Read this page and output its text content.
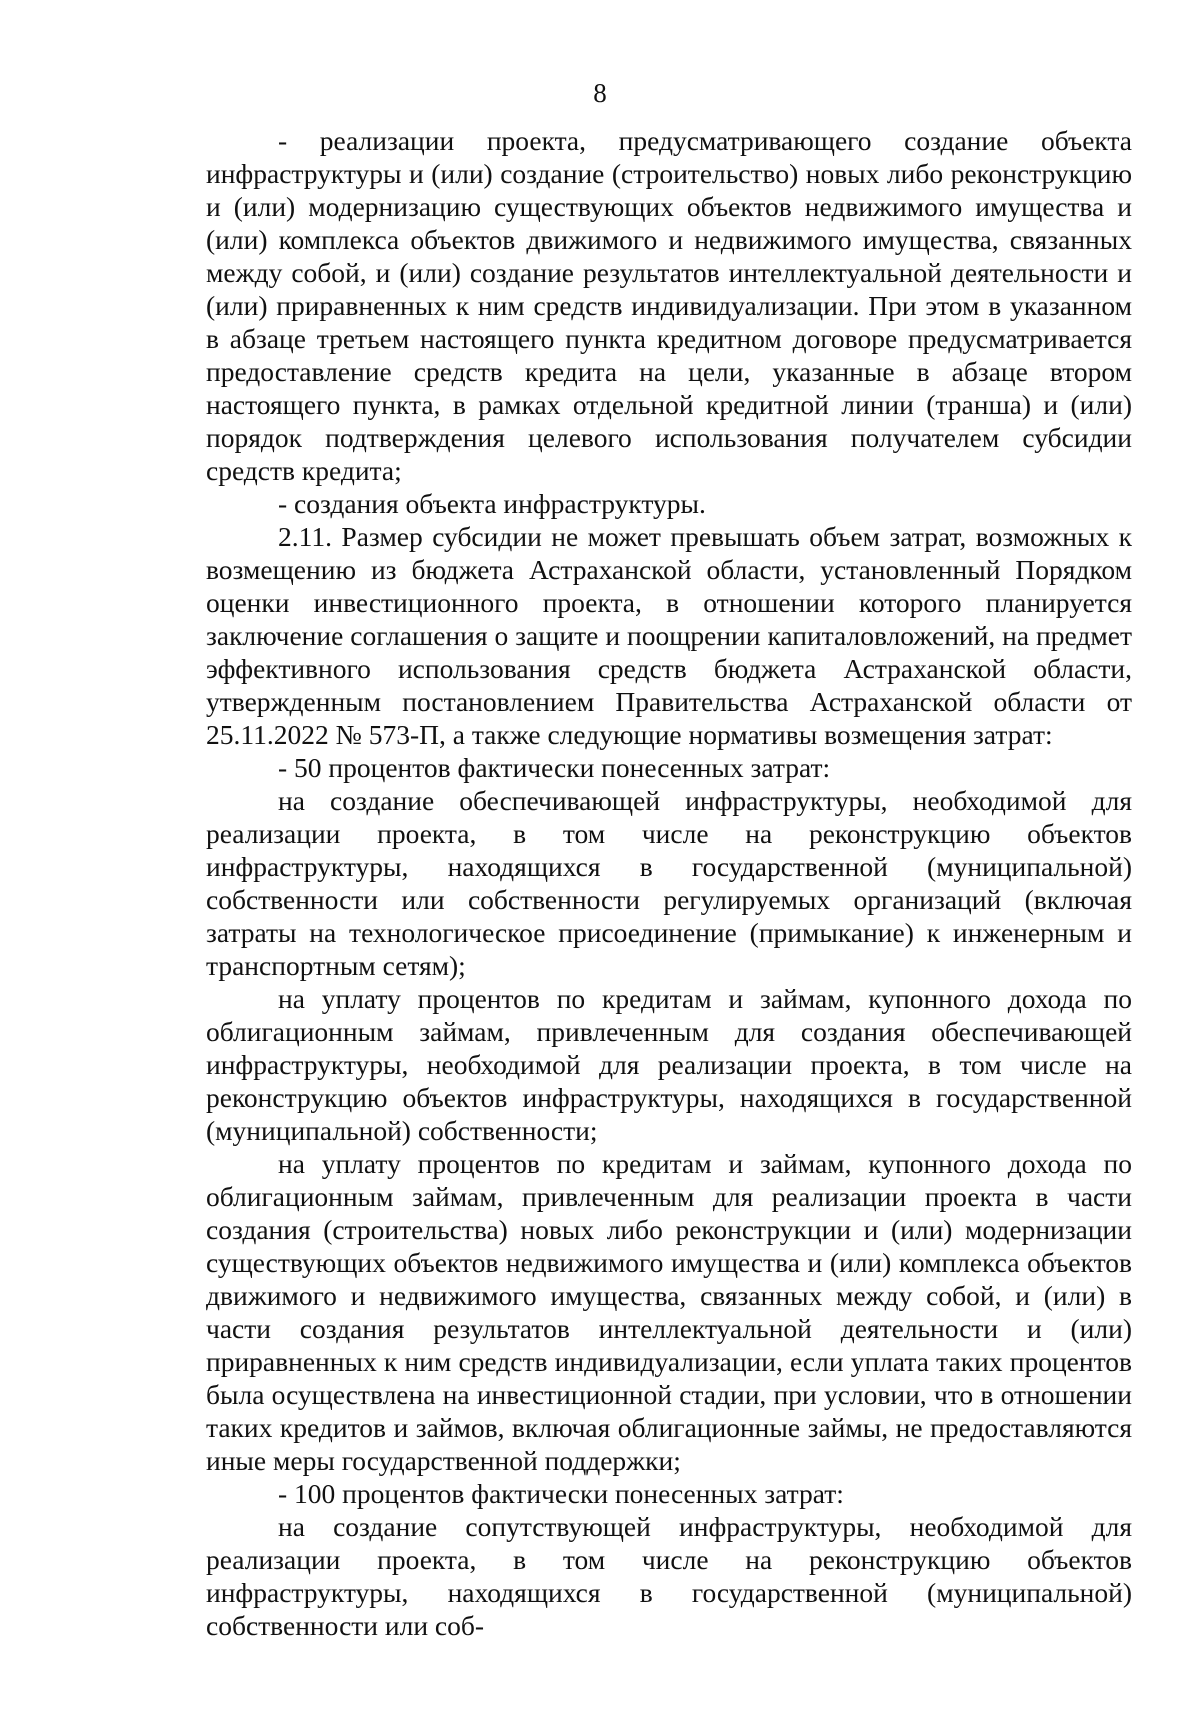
8

- реализации проекта, предусматривающего создание объекта инфраструктуры и (или) создание (строительство) новых либо реконструкцию и (или) модернизацию существующих объектов недвижимого имущества и (или) комплекса объектов движимого и недвижимого имущества, связанных между собой, и (или) создание результатов интеллектуальной деятельности и (или) приравненных к ним средств индивидуализации. При этом в указанном в абзаце третьем настоящего пункта кредитном договоре предусматривается предоставление средств кредита на цели, указанные в абзаце втором настоящего пункта, в рамках отдельной кредитной линии (транша) и (или) порядок подтверждения целевого использования получателем субсидии средств кредита;

- создания объекта инфраструктуры.

2.11. Размер субсидии не может превышать объем затрат, возможных к возмещению из бюджета Астраханской области, установленный Порядком оценки инвестиционного проекта, в отношении которого планируется заключение соглашения о защите и поощрении капиталовложений, на предмет эффективного использования средств бюджета Астраханской области, утвержденным постановлением Правительства Астраханской области от 25.11.2022 № 573-П, а также следующие нормативы возмещения затрат:

- 50 процентов фактически понесенных затрат:

на создание обеспечивающей инфраструктуры, необходимой для реализации проекта, в том числе на реконструкцию объектов инфраструктуры, находящихся в государственной (муниципальной) собственности или собственности регулируемых организаций (включая затраты на технологическое присоединение (примыкание) к инженерным и транспортным сетям);

на уплату процентов по кредитам и займам, купонного дохода по облигационным займам, привлеченным для создания обеспечивающей инфраструктуры, необходимой для реализации проекта, в том числе на реконструкцию объектов инфраструктуры, находящихся в государственной (муниципальной) собственности;

на уплату процентов по кредитам и займам, купонного дохода по облигационным займам, привлеченным для реализации проекта в части создания (строительства) новых либо реконструкции и (или) модернизации существующих объектов недвижимого имущества и (или) комплекса объектов движимого и недвижимого имущества, связанных между собой, и (или) в части создания результатов интеллектуальной деятельности и (или) приравненных к ним средств индивидуализации, если уплата таких процентов была осуществлена на инвестиционной стадии, при условии, что в отношении таких кредитов и займов, включая облигационные займы, не предоставляются иные меры государственной поддержки;

- 100 процентов фактически понесенных затрат:

на создание сопутствующей инфраструктуры, необходимой для реализации проекта, в том числе на реконструкцию объектов инфраструктуры, находящихся в государственной (муниципальной) собственности или соб-
